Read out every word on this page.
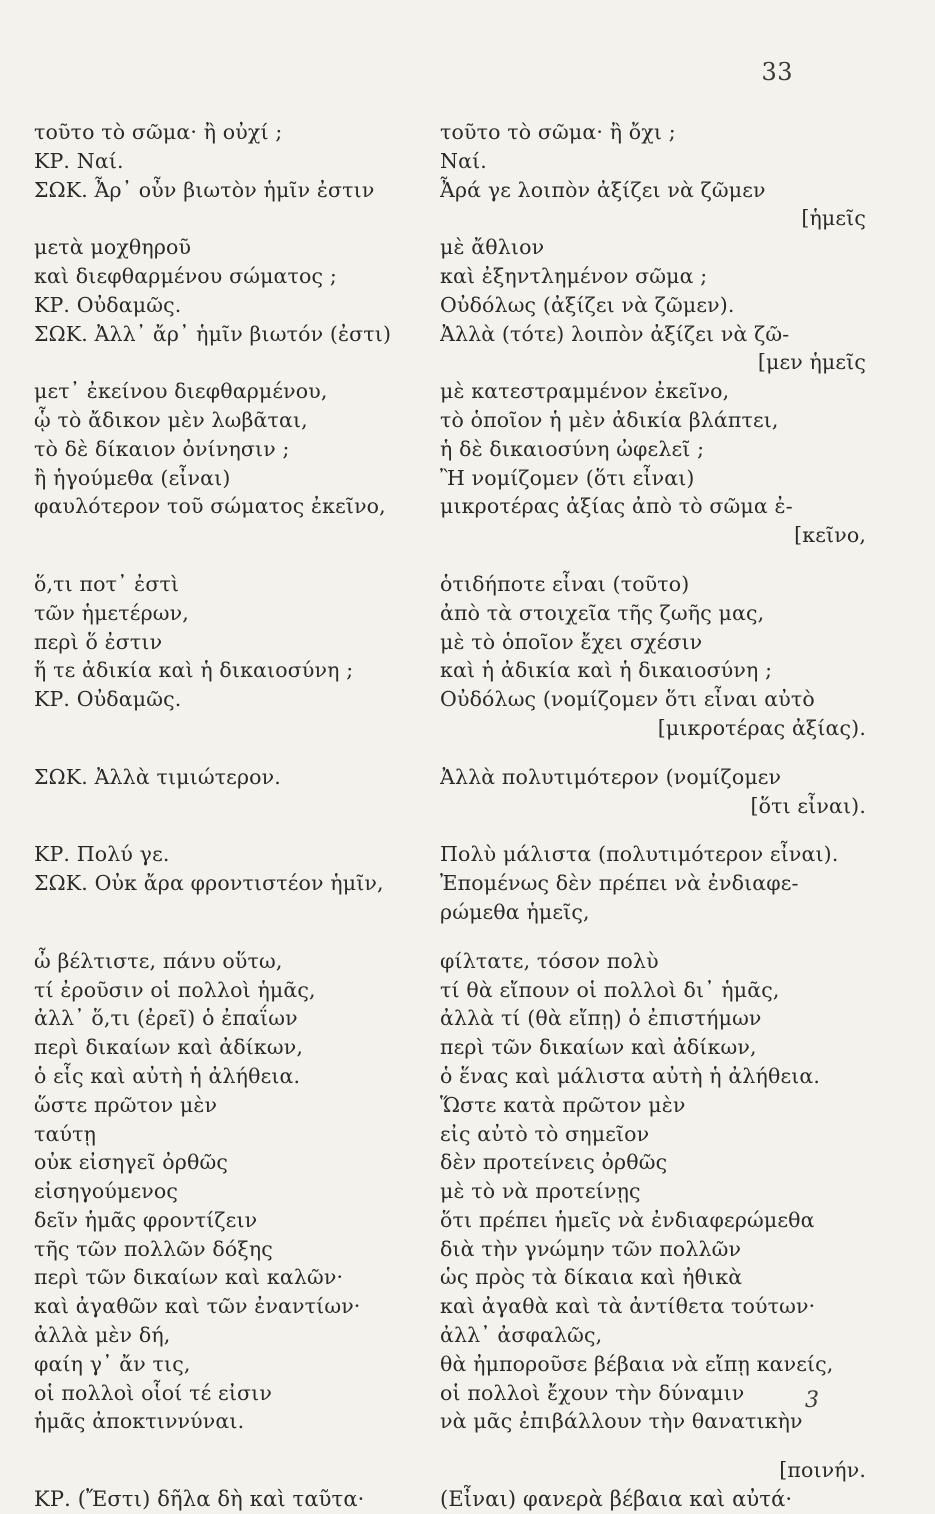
33
τοῦτο τὸ σῶμα· ἢ οὐχί ;	τοῦτο τὸ σῶμα· ἢ ὄχι ;
ΚΡ. Ναί.	Ναί.
ΣΩΚ. Ἆρ᾽ οὖν βιωτὸν ἡμῖν ἐστιν	Ἆρά γε λοιπὸν ἀξίζει νὰ ζῶμεν
[ἡμεῖς
μετὰ μοχθηροῦ	μὲ ἄθλιον
καὶ διεφθαρμένου σώματος ;	καὶ ἐξηντλημένον σῶμα ;
ΚΡ. Οὐδαμῶς.	Οὐδόλως (ἀξίζει νὰ ζῶμεν).
ΣΩΚ. Ἀλλ᾽ ἄρ᾽ ἡμῖν βιωτόν (ἐστι)	Ἀλλὰ (τότε) λοιπὸν ἀξίζει νὰ ζῶ-
[μεν ἡμεῖς
μετ᾽ ἐκείνου διεφθαρμένου,	μὲ κατεστραμμένον ἐκεῖνο,
ᾧ τὸ ἄδικον μὲν λωβᾶται,	τὸ ὁποῖον ἡ μὲν ἀδικία βλάπτει,
τὸ δὲ δίκαιον ὀνίνησιν ;	ἡ δὲ δικαιοσύνη ὠφελεῖ ;
ἢ ἡγούμεθα (εἶναι)	Ἢ νομίζομεν (ὅτι εἶναι)
φαυλότερον τοῦ σώματος ἐκεῖνο,	μικροτέρας ἀξίας ἀπὸ τὸ σῶμα ἐ-
[κεῖνο,
ὅ,τι ποτ᾽ ἐστὶ	ὁτιδήποτε εἶναι (τοῦτο)
τῶν ἡμετέρων,	ἀπὸ τὰ στοιχεῖα τῆς ζωῆς μας,
περὶ ὅ ἐστιν	μὲ τὸ ὁποῖον ἔχει σχέσιν
ἥ τε ἀδικία καὶ ἡ δικαιοσύνη ;	καὶ ἡ ἀδικία καὶ ἡ δικαιοσύνη ;
ΚΡ. Οὐδαμῶς.	Οὐδόλως (νομίζομεν ὅτι εἶναι αὐτὸ
[μικροτέρας ἀξίας).
ΣΩΚ. Ἀλλὰ τιμιώτερον.	Ἀλλὰ πολυτιμότερον (νομίζομεν
[ὅτι εἶναι).
ΚΡ. Πολύ γε.	Πολὺ μάλιστα (πολυτιμότερον εἶναι).
ΣΩΚ. Οὐκ ἄρα φροντιστέον ἡμῖν,	Ἐπομένως δὲν πρέπει νὰ ἐνδιαφε-
ρώμεθα ἡμεῖς,
ὦ βέλτιστε, πάνυ οὕτω,	φίλτατε, τόσον πολὺ
τί ἐροῦσιν οἱ πολλοὶ ἡμᾶς,	τί θὰ εἴπουν οἱ πολλοὶ δι᾽ ἡμᾶς,
ἀλλ᾽ ὅ,τι (ἐρεῖ) ὁ ἐπαΐων	ἀλλὰ τί (θὰ εἴπῃ) ὁ ἐπιστήμων
περὶ δικαίων καὶ ἀδίκων,	περὶ τῶν δικαίων καὶ ἀδίκων,
ὁ εἷς καὶ αὐτὴ ἡ ἀλήθεια.	ὁ ἕνας καὶ μάλιστα αὐτὴ ἡ ἀλήθεια.
ὥστε πρῶτον μὲν	Ὥστε κατὰ πρῶτον μὲν
ταύτῃ	εἰς αὐτὸ τὸ σημεῖον
οὐκ εἰσηγεῖ ὀρθῶς	δὲν προτείνεις ὀρθῶς
εἰσηγούμενος	μὲ τὸ νὰ προτείνῃς
δεῖν ἡμᾶς φροντίζειν	ὅτι πρέπει ἡμεῖς νὰ ἐνδιαφερώμεθα
τῆς τῶν πολλῶν δόξης	διὰ τὴν γνώμην τῶν πολλῶν
περὶ τῶν δικαίων καὶ καλῶν·	ὡς πρὸς τὰ δίκαια καὶ ἠθικὰ
καὶ ἀγαθῶν καὶ τῶν ἐναντίων·	καὶ ἀγαθὰ καὶ τὰ ἀντίθετα τούτων·
ἀλλὰ μὲν δή,	ἀλλ᾽ ἀσφαλῶς,
φαίη γ᾽ ἄν τις,	θὰ ἠμποροῦσε βέβαια νὰ εἴπῃ κανείς,
οἱ πολλοὶ οἷοί τέ εἰσιν	οἱ πολλοὶ ἔχουν τὴν δύναμιν
ἡμᾶς ἀποκτιννύναι.	νὰ μᾶς ἐπιβάλλουν τὴν θανατικὴν
[ποινήν.
ΚΡ. (Ἔστι) δῆλα δὴ καὶ ταῦτα·	(Εἶναι) φανερὰ βέβαια καὶ αὐτά·
3
